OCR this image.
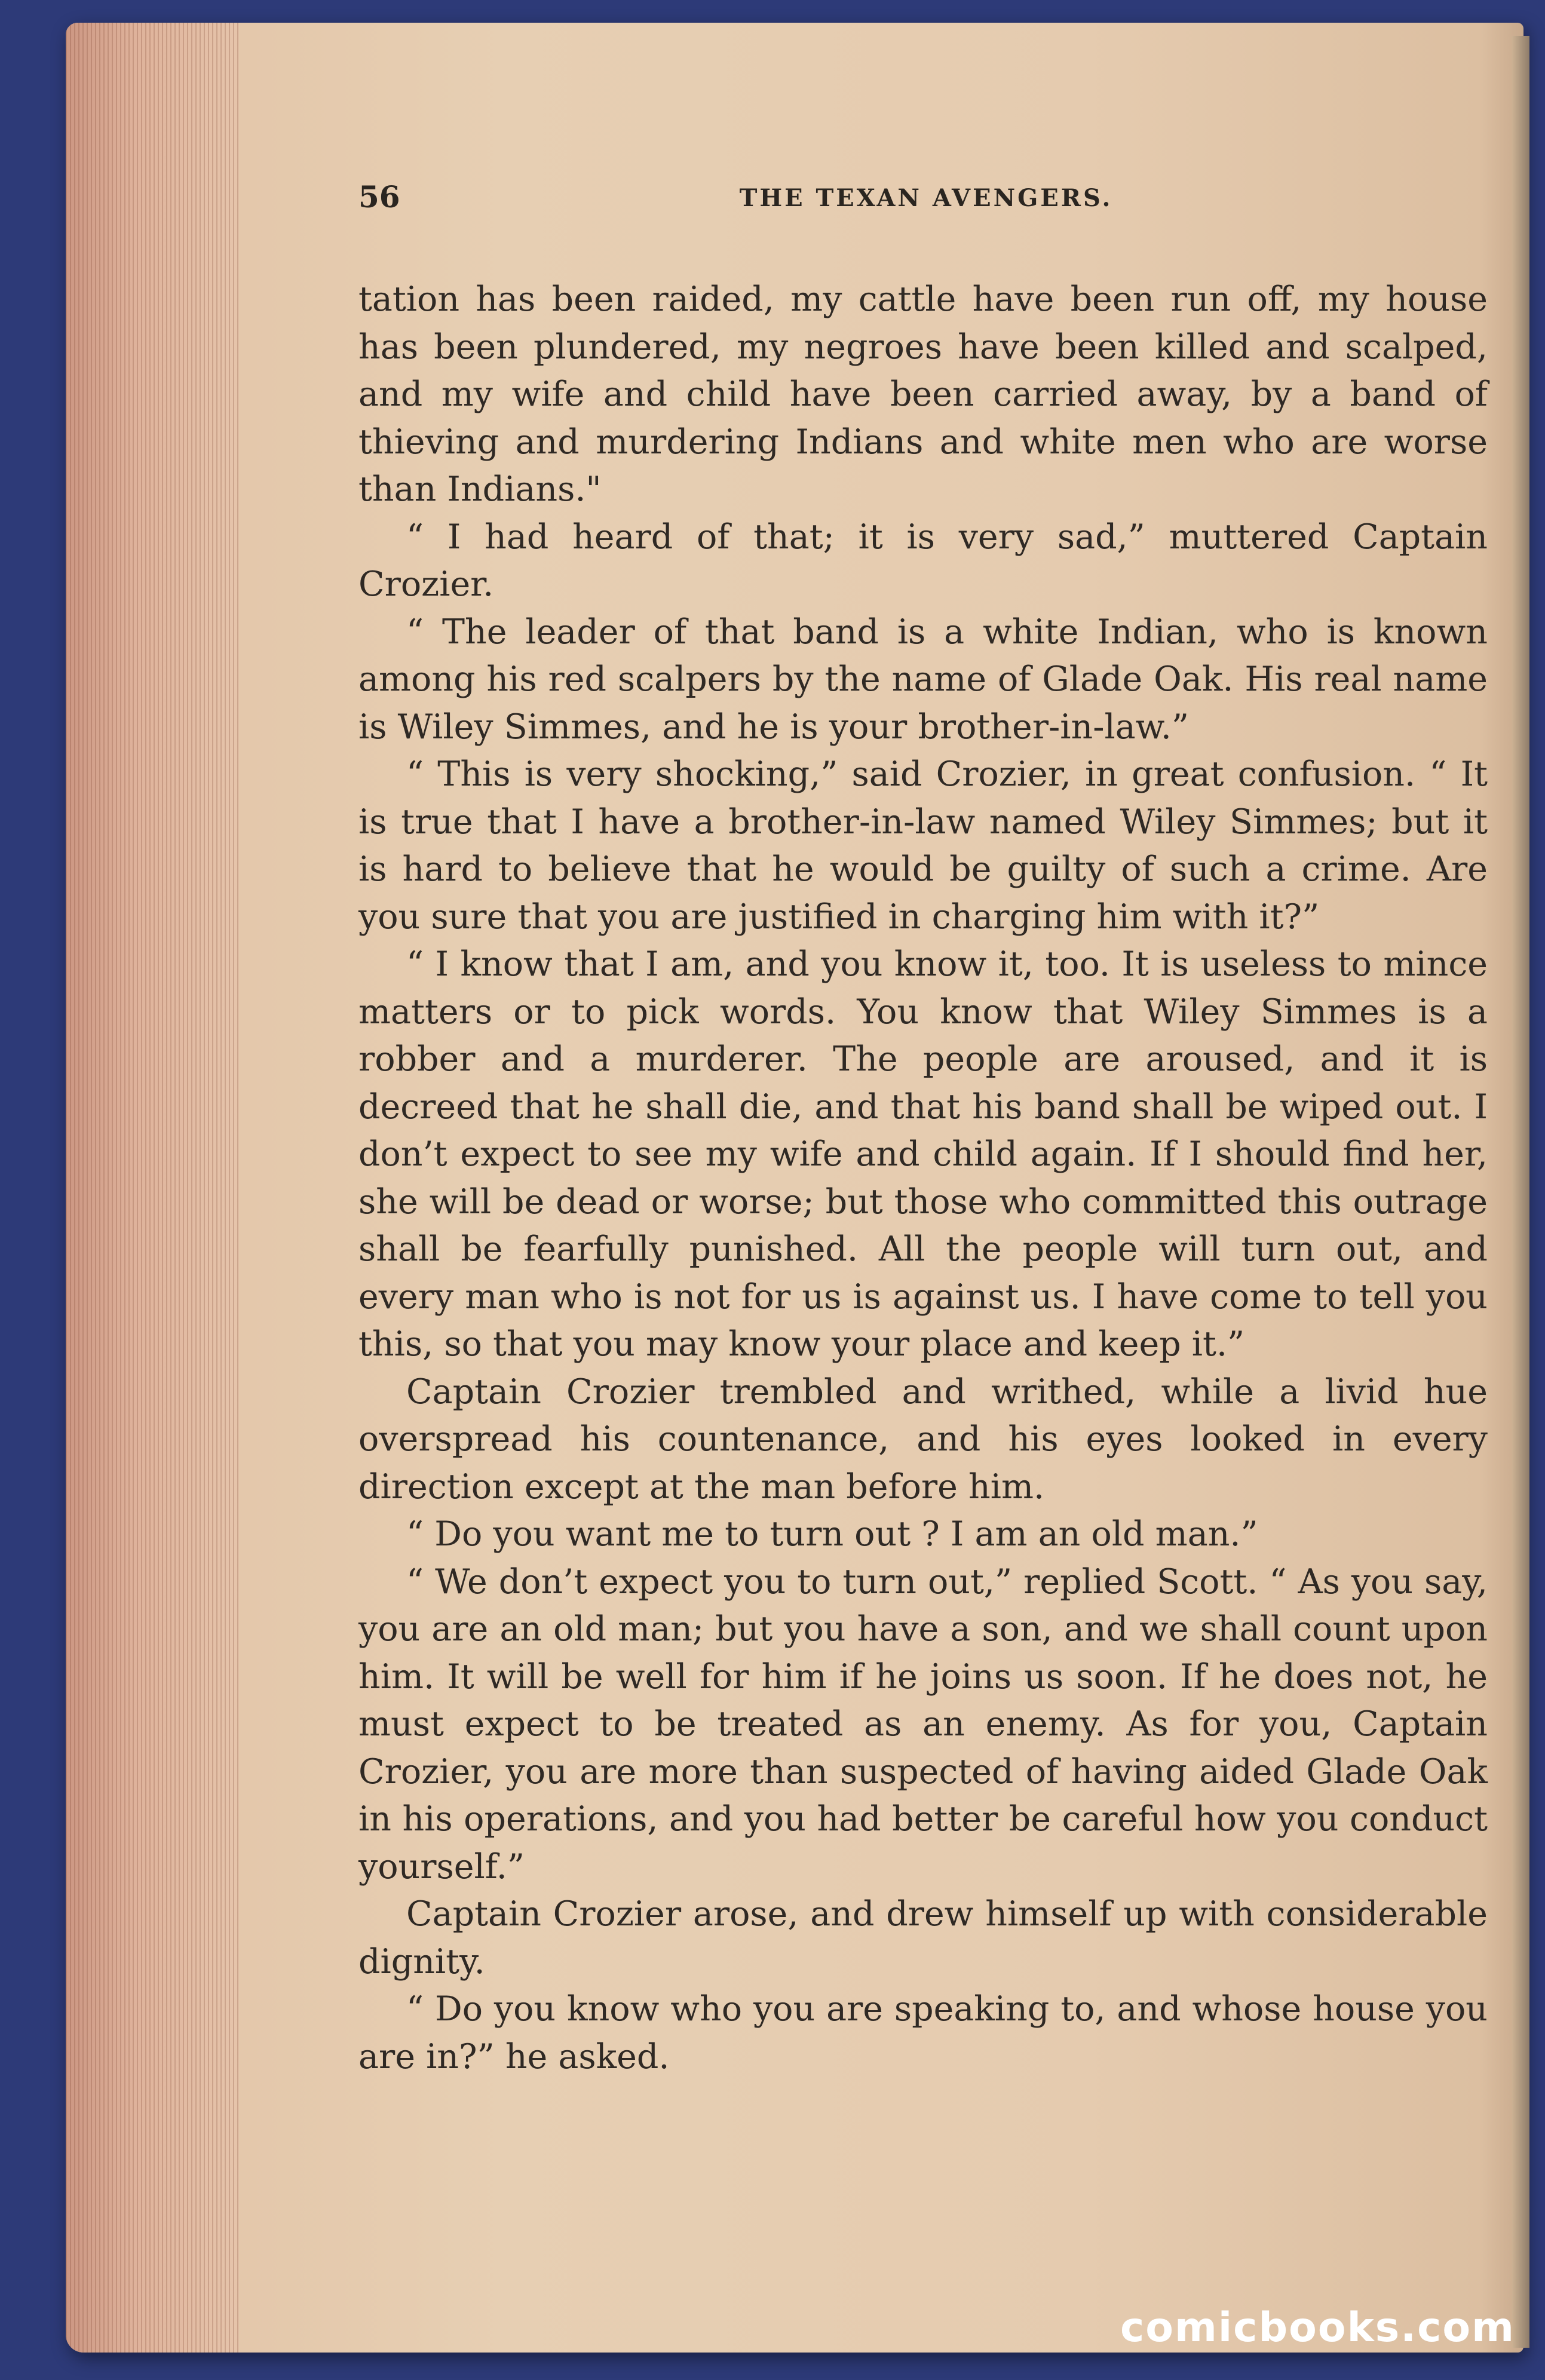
56	THE TEXAN AVENGERS.

tation has been raided, my cattle have been run off, my house has been plundered, my negroes have been killed and scalped, and my wife and child have been carried away, by a band of thieving and murdering Indians and white men who are worse than Indians."

“ I had heard of that; it is very sad,” muttered Captain Crozier.

“ The leader of that band is a white Indian, who is known among his red scalpers by the name of Glade Oak. His real name is Wiley Simmes, and he is your brother-in-law.”

“ This is very shocking,” said Crozier, in great confusion. “ It is true that I have a brother-in-law named Wiley Simmes; but it is hard to believe that he would be guilty of such a crime. Are you sure that you are justified in charging him with it?”

“ I know that I am, and you know it, too. It is useless to mince matters or to pick words. You know that Wiley Simmes is a robber and a murderer. The people are aroused, and it is decreed that he shall die, and that his band shall be wiped out. I don’t expect to see my wife and child again. If I should find her, she will be dead or worse; but those who committed this outrage shall be fearfully punished. All the people will turn out, and every man who is not for us is against us. I have come to tell you this, so that you may know your place and keep it.”

Captain Crozier trembled and writhed, while a livid hue overspread his countenance, and his eyes looked in every direction except at the man before him.

“ Do you want me to turn out ? I am an old man.”

“ We don’t expect you to turn out,” replied Scott. “ As you say, you are an old man; but you have a son, and we shall count upon him. It will be well for him if he joins us soon. If he does not, he must expect to be treated as an enemy. As for you, Captain Crozier, you are more than suspected of having aided Glade Oak in his operations, and you had better be careful how you conduct yourself.”

Captain Crozier arose, and drew himself up with considerable dignity.

“ Do you know who you are speaking to, and whose house you are in?” he asked.

comicbooks.com
